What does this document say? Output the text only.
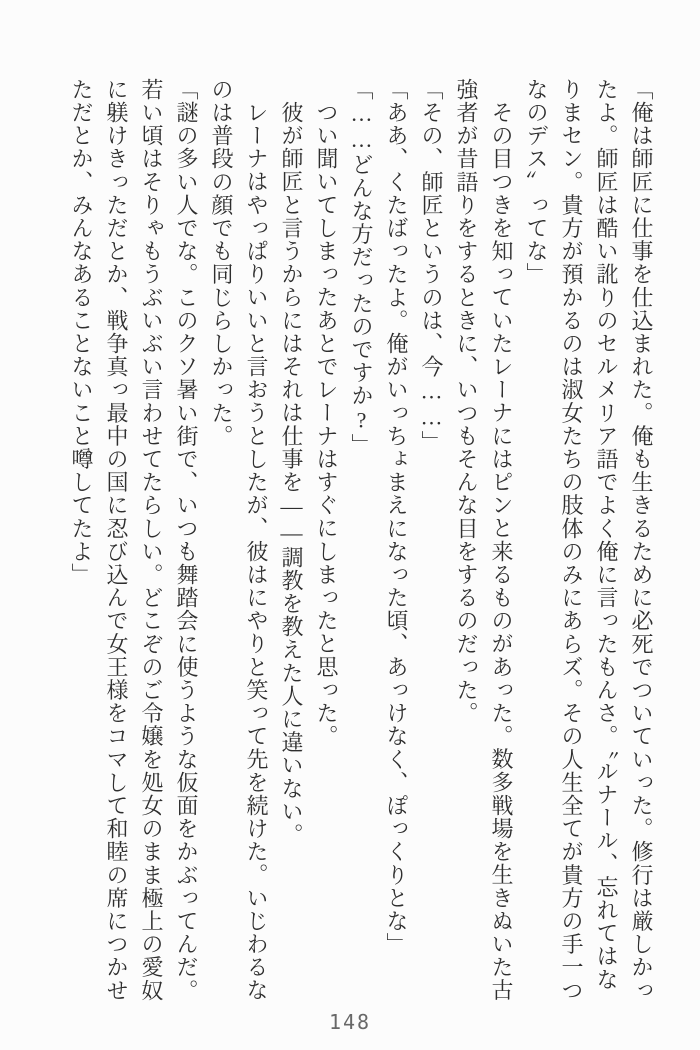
「俺は師匠に仕事を仕込まれた。俺も生きるために必死でついていった。修行は厳しかったよ。師匠は酷い訛りのセルメリア語でよく俺に言ったもんさ。〝ルナール、忘れてはなりまセン。貴方が預かるのは淑女たちの肢体のみにあらズ。その人生全てが貴方の手一つなのデス〟ってな」

その目つきを知っていたレーナにはピンと来るものがあった。数多戦場を生きぬいた古強者が昔語りをするときに、いつもそんな目をするのだった。

「その、師匠というのは、今……」

「ああ、くたばったよ。俺がいっちょまえになった頃、あっけなく、ぽっくりとな」

「……どんな方だったのですか?」

つい聞いてしまったあとでレーナはすぐにしまったと思った。

彼が師匠と言うからにはそれは仕事を――調教を教えた人に違いない。

レーナはやっぱりいいと言おうとしたが、彼はにやりと笑って先を続けた。いじわるなのは普段の顔でも同じらしかった。

「謎の多い人でな。このクソ暑い街で、いつも舞踏会に使うような仮面をかぶってんだ。若い頃はそりゃもうぶいぶい言わせてたらしい。どこぞのご令嬢を処女のまま極上の愛奴に躾けきっただとか、戦争真っ最中の国に忍び込んで女王様をコマして和睦の席につかせただとか、みんなあることないこと噂してたよ」

148
